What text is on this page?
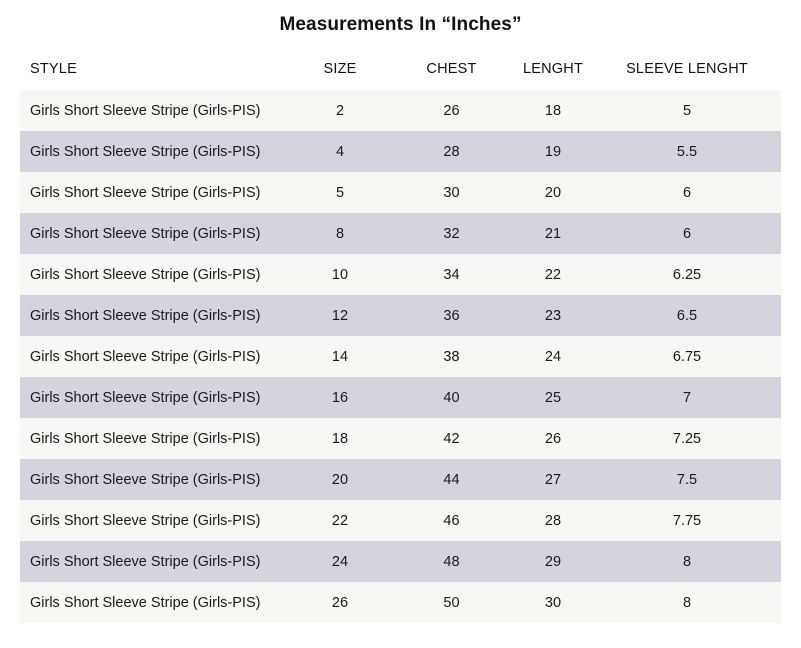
Measurements In “Inches”
STYLE	SIZE	CHEST	LENGHT	SLEEVE LENGHT
Girls Short Sleeve Stripe (Girls-PIS)	2	26	18	5
Girls Short Sleeve Stripe (Girls-PIS)	4	28	19	5.5
Girls Short Sleeve Stripe (Girls-PIS)	5	30	20	6
Girls Short Sleeve Stripe (Girls-PIS)	8	32	21	6
Girls Short Sleeve Stripe (Girls-PIS)	10	34	22	6.25
Girls Short Sleeve Stripe (Girls-PIS)	12	36	23	6.5
Girls Short Sleeve Stripe (Girls-PIS)	14	38	24	6.75
Girls Short Sleeve Stripe (Girls-PIS)	16	40	25	7
Girls Short Sleeve Stripe (Girls-PIS)	18	42	26	7.25
Girls Short Sleeve Stripe (Girls-PIS)	20	44	27	7.5
Girls Short Sleeve Stripe (Girls-PIS)	22	46	28	7.75
Girls Short Sleeve Stripe (Girls-PIS)	24	48	29	8
Girls Short Sleeve Stripe (Girls-PIS)	26	50	30	8
